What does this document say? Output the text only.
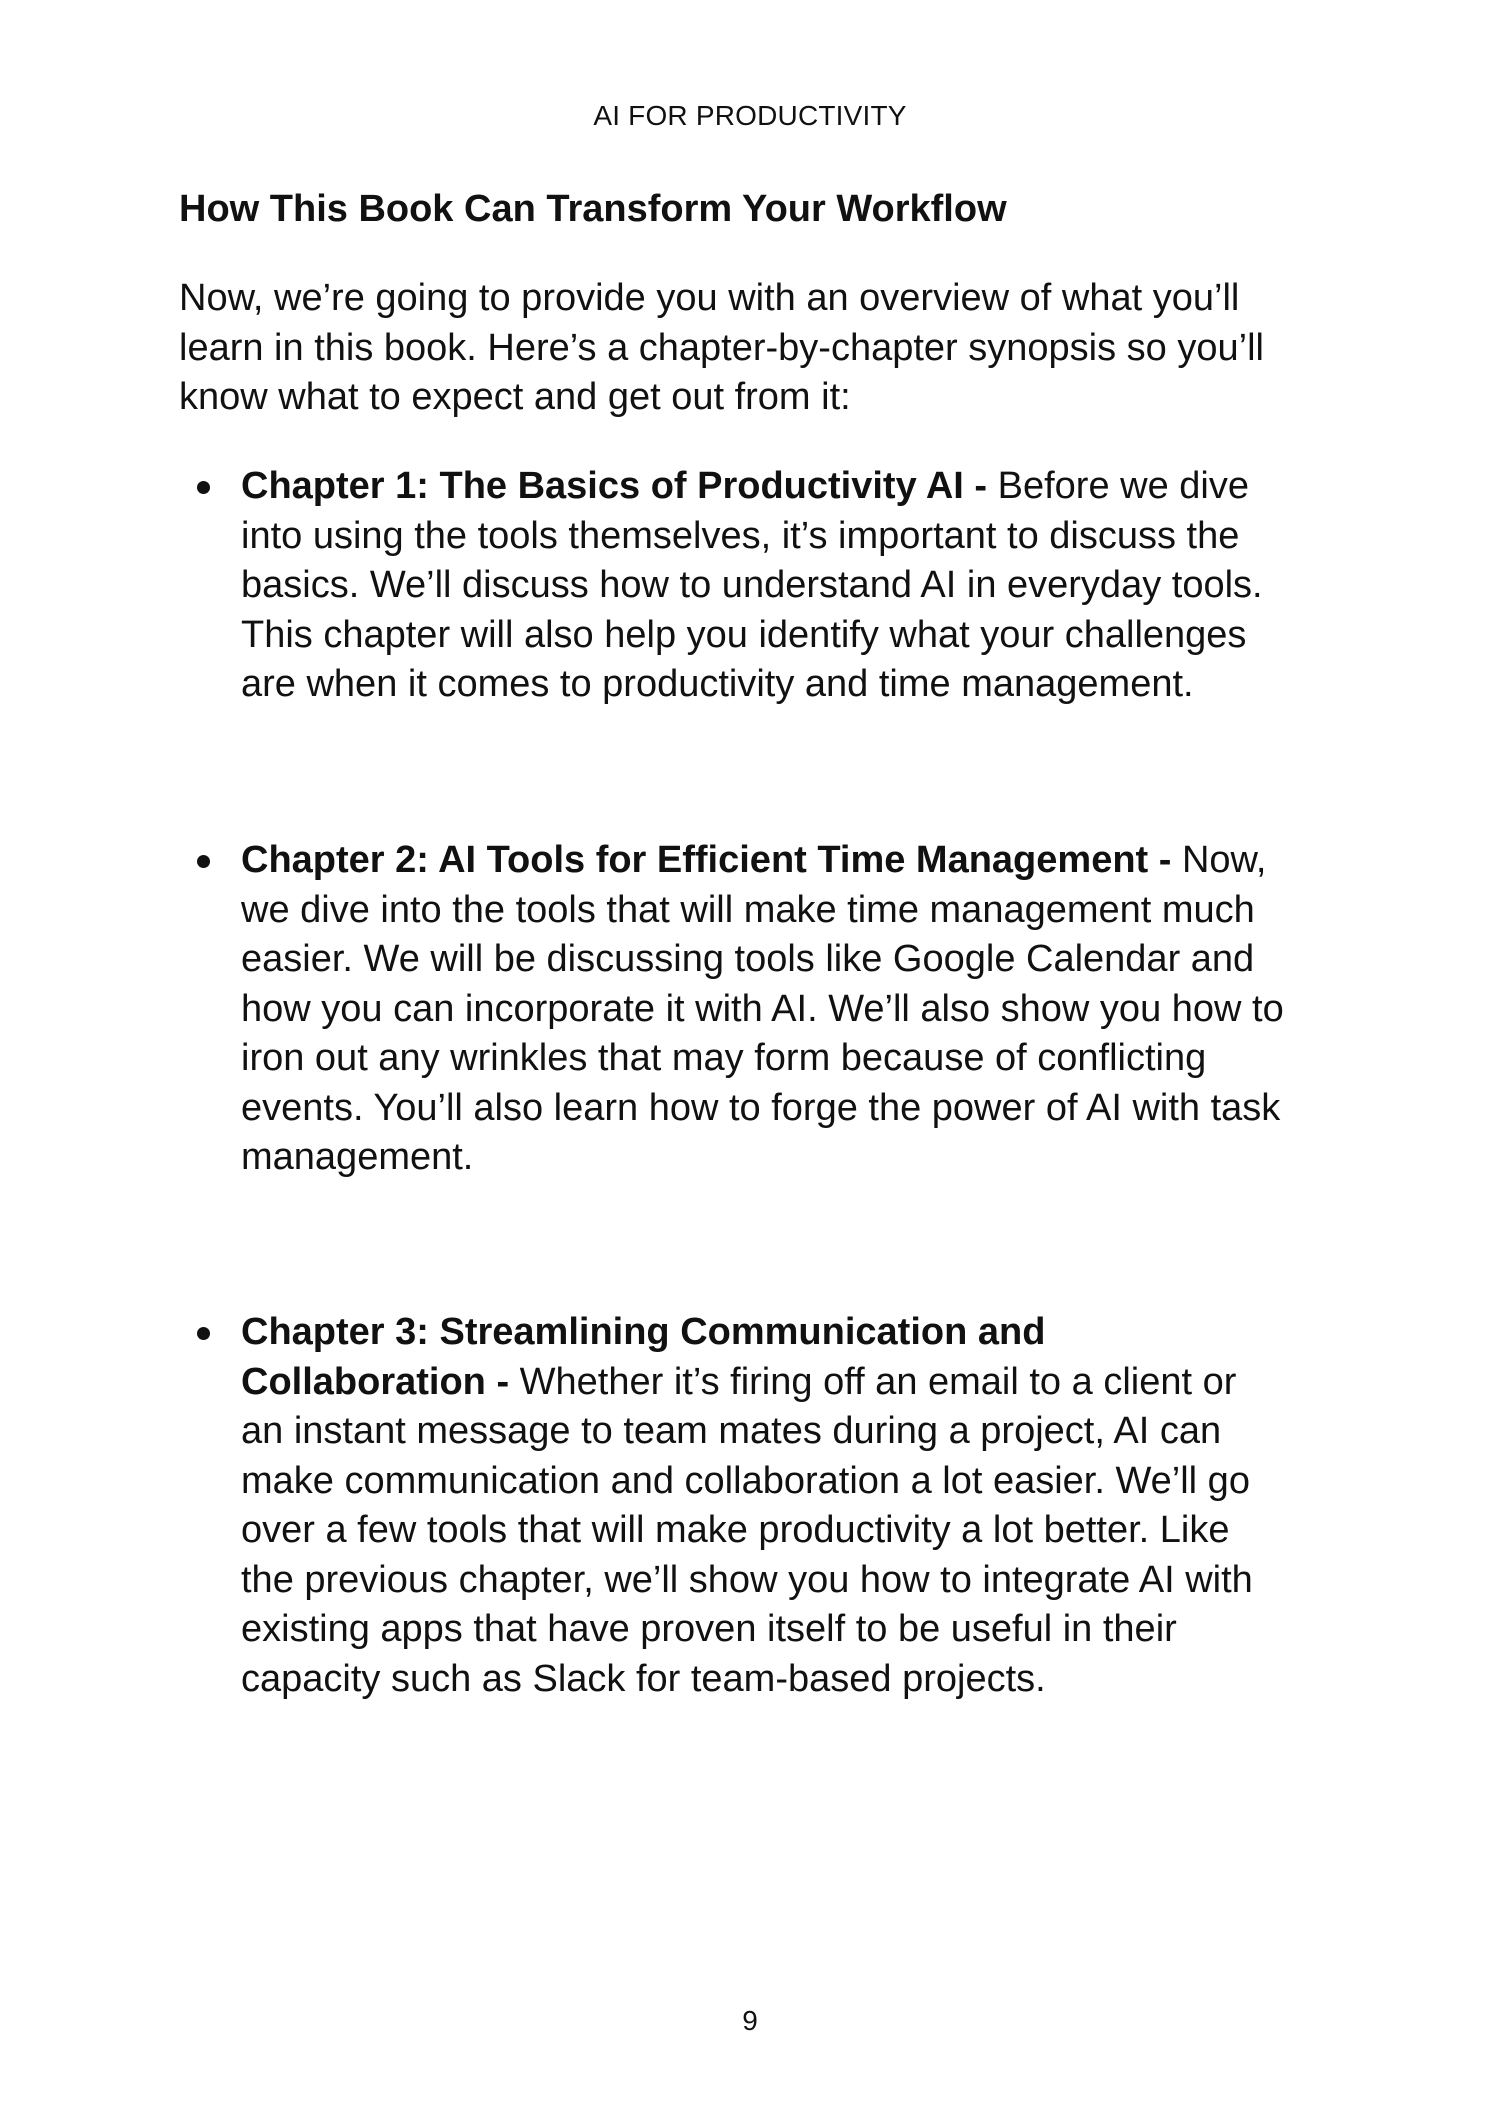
AI FOR PRODUCTIVITY
How This Book Can Transform Your Workflow
Now, we’re going to provide you with an overview of what you’ll
learn in this book. Here’s a chapter-by-chapter synopsis so you’ll
know what to expect and get out from it:
Chapter 1: The Basics of Productivity AI - Before we dive
into using the tools themselves, it’s important to discuss the
basics. We’ll discuss how to understand AI in everyday tools.
This chapter will also help you identify what your challenges
are when it comes to productivity and time management.
Chapter 2: AI Tools for Efficient Time Management - Now,
we dive into the tools that will make time management much
easier. We will be discussing tools like Google Calendar and
how you can incorporate it with AI. We’ll also show you how to
iron out any wrinkles that may form because of conflicting
events. You’ll also learn how to forge the power of AI with task
management.
Chapter 3: Streamlining Communication and
Collaboration - Whether it’s firing off an email to a client or
an instant message to team mates during a project, AI can
make communication and collaboration a lot easier. We’ll go
over a few tools that will make productivity a lot better. Like
the previous chapter, we’ll show you how to integrate AI with
existing apps that have proven itself to be useful in their
capacity such as Slack for team-based projects.
9
